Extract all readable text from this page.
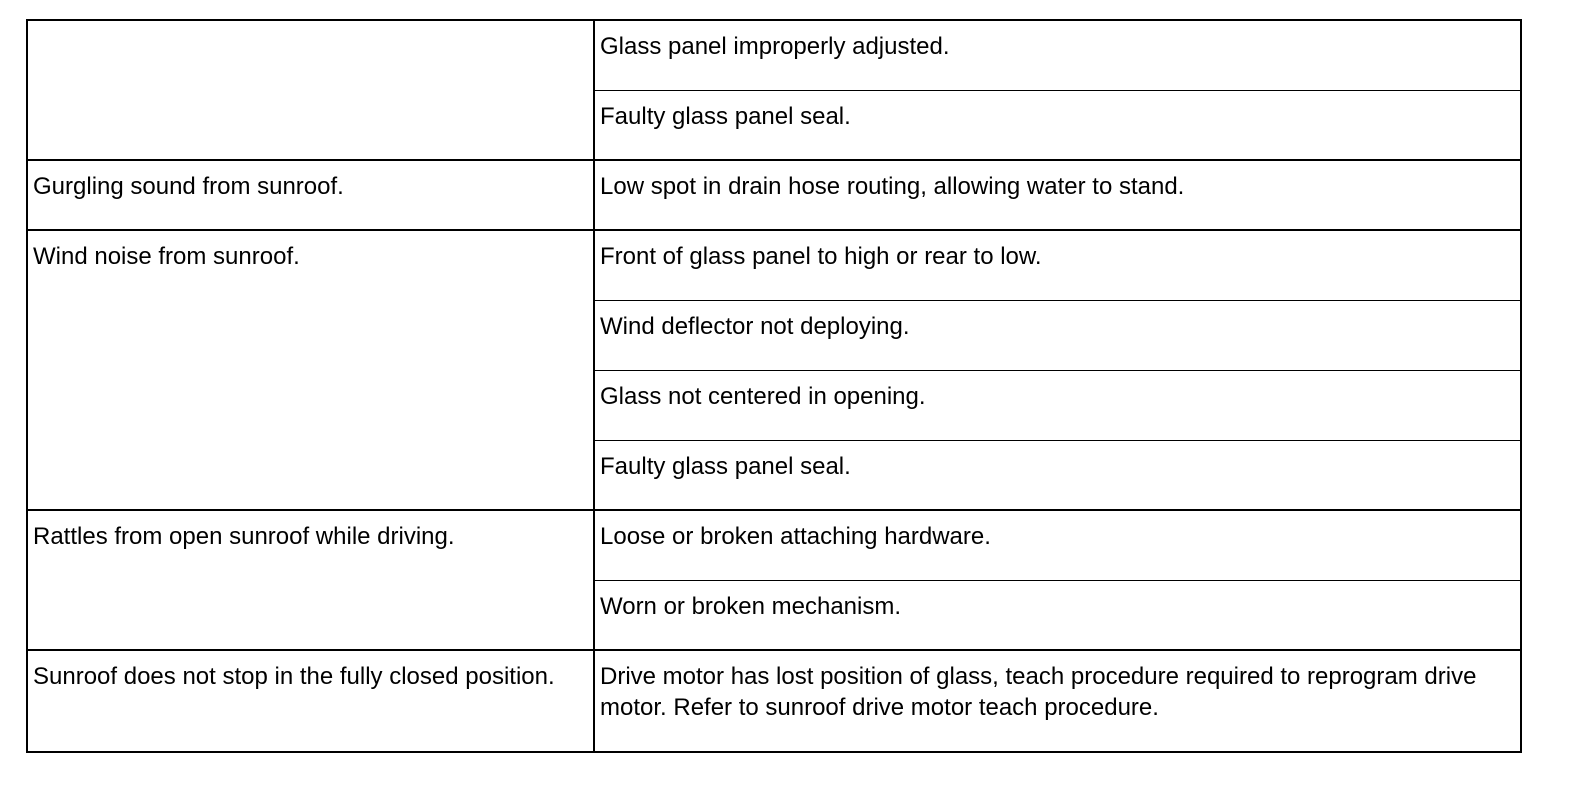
	Glass panel improperly adjusted.
	Faulty glass panel seal.
Gurgling sound from sunroof.	Low spot in drain hose routing, allowing water to stand.
Wind noise from sunroof.	Front of glass panel to high or rear to low.
	Wind deflector not deploying.
	Glass not centered in opening.
	Faulty glass panel seal.
Rattles from open sunroof while driving.	Loose or broken attaching hardware.
	Worn or broken mechanism.
Sunroof does not stop in the fully closed position.	Drive motor has lost position of glass, teach procedure required to reprogram drive motor. Refer to sunroof drive motor teach procedure.
